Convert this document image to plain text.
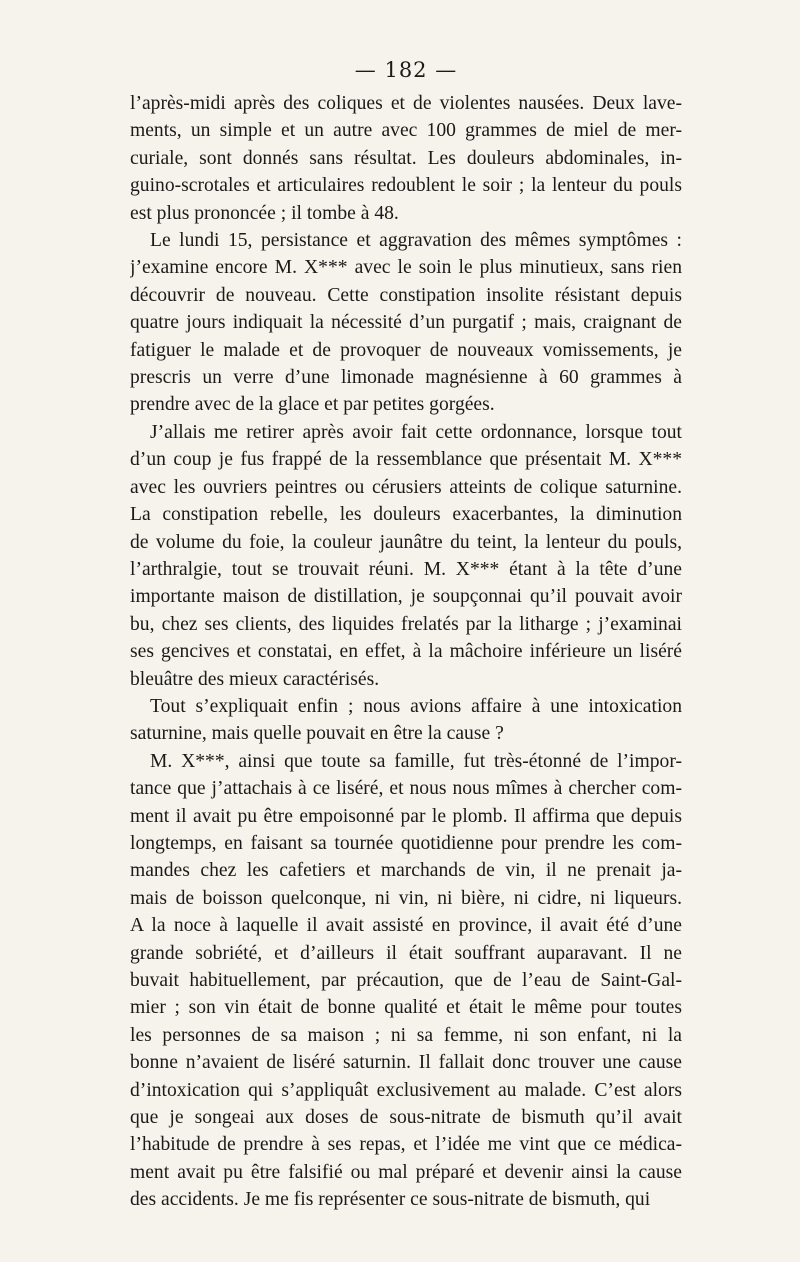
— 182 —
l’après-midi après des coliques et de violentes nausées. Deux lave-
ments, un simple et un autre avec 100 grammes de miel de mer-
curiale, sont donnés sans résultat. Les douleurs abdominales, in-
guino-scrotales et articulaires redoublent le soir ; la lenteur du pouls
est plus prononcée ; il tombe à 48.
Le lundi 15, persistance et aggravation des mêmes symptômes :
j’examine encore M. X*** avec le soin le plus minutieux, sans rien
découvrir de nouveau. Cette constipation insolite résistant depuis
quatre jours indiquait la nécessité d’un purgatif ; mais, craignant de
fatiguer le malade et de provoquer de nouveaux vomissements, je
prescris un verre d’une limonade magnésienne à 60 grammes à
prendre avec de la glace et par petites gorgées.
J’allais me retirer après avoir fait cette ordonnance, lorsque tout
d’un coup je fus frappé de la ressemblance que présentait M. X***
avec les ouvriers peintres ou cérusiers atteints de colique saturnine.
La constipation rebelle, les douleurs exacerbantes, la diminution
de volume du foie, la couleur jaunâtre du teint, la lenteur du pouls,
l’arthralgie, tout se trouvait réuni. M. X*** étant à la tête d’une
importante maison de distillation, je soupçonnai qu’il pouvait avoir
bu, chez ses clients, des liquides frelatés par la litharge ; j’examinai
ses gencives et constatai, en effet, à la mâchoire inférieure un liséré
bleuâtre des mieux caractérisés.
Tout s’expliquait enfin ; nous avions affaire à une intoxication
saturnine, mais quelle pouvait en être la cause ?
M. X***, ainsi que toute sa famille, fut très-étonné de l’impor-
tance que j’attachais à ce liséré, et nous nous mîmes à chercher com-
ment il avait pu être empoisonné par le plomb. Il affirma que depuis
longtemps, en faisant sa tournée quotidienne pour prendre les com-
mandes chez les cafetiers et marchands de vin, il ne prenait ja-
mais de boisson quelconque, ni vin, ni bière, ni cidre, ni liqueurs.
A la noce à laquelle il avait assisté en province, il avait été d’une
grande sobriété, et d’ailleurs il était souffrant auparavant. Il ne
buvait habituellement, par précaution, que de l’eau de Saint-Gal-
mier ; son vin était de bonne qualité et était le même pour toutes
les personnes de sa maison ; ni sa femme, ni son enfant, ni la
bonne n’avaient de liséré saturnin. Il fallait donc trouver une cause
d’intoxication qui s’appliquât exclusivement au malade. C’est alors
que je songeai aux doses de sous-nitrate de bismuth qu’il avait
l’habitude de prendre à ses repas, et l’idée me vint que ce médica-
ment avait pu être falsifié ou mal préparé et devenir ainsi la cause
des accidents. Je me fis représenter ce sous-nitrate de bismuth, qui
